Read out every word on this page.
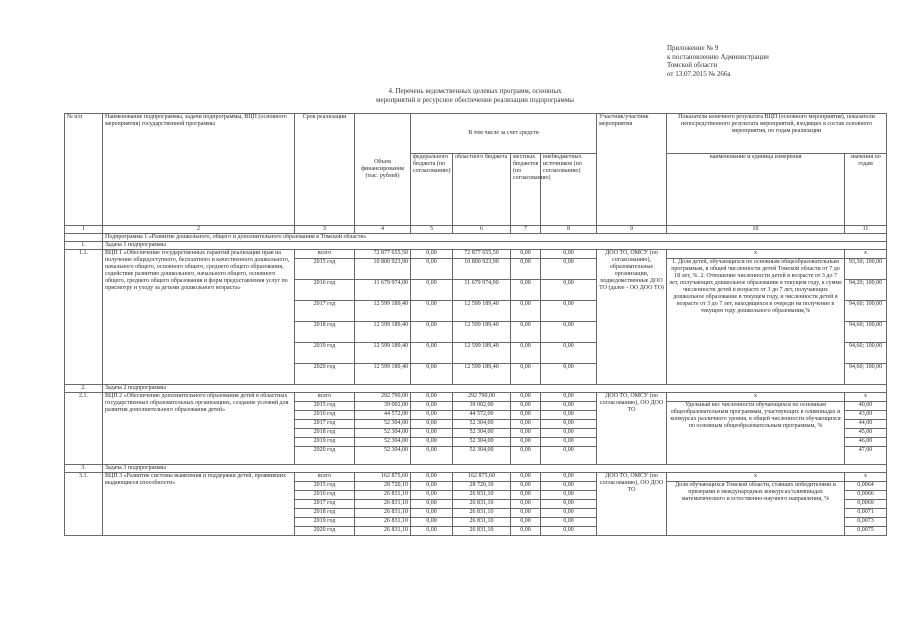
Приложение № 9
к постановлению Администрации
Томской области
от 13.07.2015 № 266а
4. Перечень ведомственных целевых программ, основных
мероприятий и ресурсное обеспечение реализации подпрограммы
№ п/п	Наименование подпрограммы, задачи подпрограммы, ВЦП (основного мероприятия) государственной программы	Срок реализации	Объем финансирования (тыс. рублей)	В том числе за счет средств				Участник/участник мероприятия	Показатели конечного результата ВЦП (основного мероприятия), показатели непосредственного результата мероприятий, входящих в состав основного мероприятия, по годам реализации	
				федерального бюджета (по согласованию)	областного бюджета	местных бюджетов (по согласованию)	внебюджетных источников (по согласованию)		наименование и единица измерения	значения по годам
1	2	3	4	5	6	7	8	9	10	11
	Подпрограмма 1 «Развитие дошкольного, общего и дополнительного образования в Томской области»									
1.	Задача 1 подпрограммы									
1.1.	ВЦП 1 «Обеспечение государственных гарантий реализации прав на получение общедоступного, бесплатного и качественного дошкольного, начального общего, основного общего, среднего общего образования, содействие развитию дошкольного, начального общего, основного общего, среднего общего образования и форм предоставления услуг по присмотру и уходу за детьми дошкольного возраста»	всего	72 877 655,50	0,00	72 877 655,50	0,00	0,00	ДОО ТО, ОМСУ (по согласованию), образовательные организации, подведомственные ДОО ТО (далее - ОО ДОО ТО)	х	х
		2015 год	10 800 923,90	0,00	10 800 923,90	0,00	0,00		1. Доля детей, обучающихся по основным общеобразовательным программам, в общей численности детей Томской области от 7 до 18 лет, %. 2. Отношение численности детей в возрасте от 3 до 7 лет, получающих дошкольное образование в текущем году, к сумме численности детей в возрасте от 3 до 7 лет, получающих дошкольное образование в текущем году, и численности детей в возрасте от 3 до 7 лет, находящихся в очереди на получение в текущем году дошкольного образования,%	93,30; 100,00
		2016 год	11 679 974,00	0,00	11 679 974,00	0,00	0,00			94,20; 100,00
		2017 год	12 599 189,40	0,00	12 599 189,40	0,00	0,00			94,60; 100,00
		2018 год	12 599 189,40	0,00	12 599 189,40	0,00	0,00			94,60; 100,00
		2019 год	12 599 189,40	0,00	12 599 189,40	0,00	0,00			94,60; 100,00
		2020 год	12 599 189,40	0,00	12 599 189,40	0,00	0,00			94,60; 100,00
2.	Задача 2 подпрограммы									
2.1.	ВЦП 2 «Обеспечение дополнительного образования детей в областных государственных образовательных организациях, создание условий для развития дополнительного образования детей»	всего	292 790,00	0,00	292 790,00	0,00	0,00	ДОО ТО, ОМСУ (по согласованию), ОО ДОО ТО	х	х
		2015 год	39 002,00	0,00	39 002,00	0,00	0,00		Удельный вес численности обучающихся по основным общеобразовательным программам, участвующих в олимпиадах и конкурсах различного уровня, в общей численности обучающихся по основным общеобразовательным программам, %	40,00
		2016 год	44 572,00	0,00	44 572,00	0,00	0,00			43,00
		2017 год	52 304,00	0,00	52 304,00	0,00	0,00			44,00
		2018 год	52 304,00	0,00	52 304,00	0,00	0,00			45,00
		2019 год	52 304,00	0,00	52 304,00	0,00	0,00			46,00
		2020 год	52 304,00	0,00	52 304,00	0,00	0,00			47,00
3.	Задача 3 подпрограммы									
3.1.	ВЦП 3 «Развитие системы выявления и поддержки детей, проявивших выдающиеся способности»	всего	162 875,60	0,00	162 875,60	0,00	0,00	ДОО ТО, ОМСУ (по согласованию), ОО ДОО ТО	х	х
		2015 год	28 720,10	0,00	28 720,10	0,00	0,00		Доля обучающихся Томской области, ставших победителями и призерами в международных конкурсах/олимпиадах математического и естественно-научного направления, %	0,0064
		2016 год	26 831,10	0,00	26 831,10	0,00	0,00			0,0066
		2017 год	26 831,10	0,00	26 831,10	0,00	0,00			0,0069
		2018 год	26 831,10	0,00	26 831,10	0,00	0,00			0,0071
		2019 год	26 831,10	0,00	26 831,10	0,00	0,00			0,0073
		2020 год	26 831,10	0,00	26 831,10	0,00	0,00			0,0075
